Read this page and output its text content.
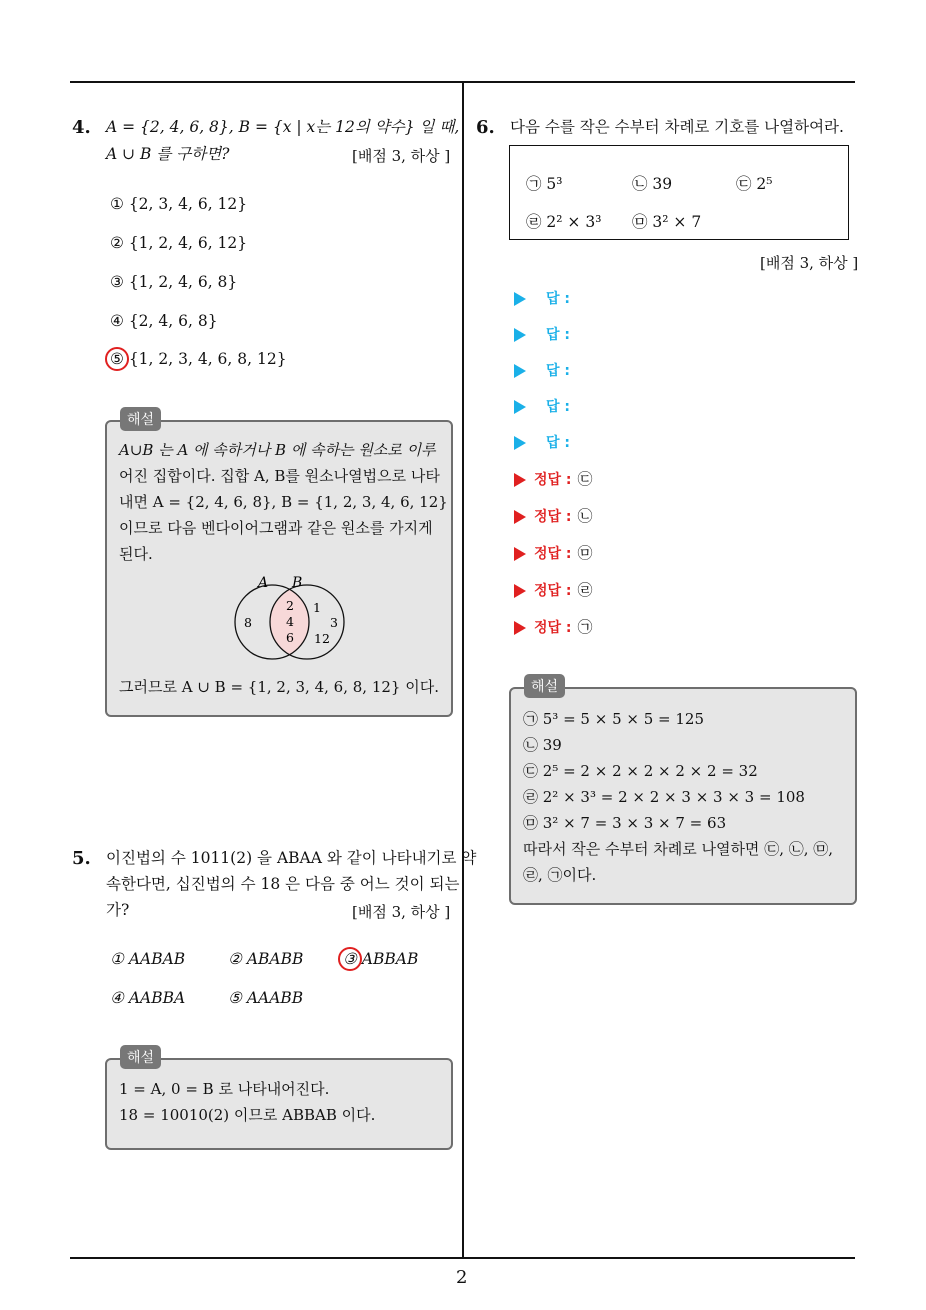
4. A = {2, 4, 6, 8}, B = {x | x는 12의 약수} 일 때,
A ∪ B 를 구하면?	[배점 3, 하상 ]
① {2, 3, 4, 6, 12}
② {1, 2, 4, 6, 12}
③ {1, 2, 4, 6, 8}
④ {2, 4, 6, 8}
⑤ {1, 2, 3, 4, 6, 8, 12}
A∪B 는 A 에 속하거나 B 에 속하는 원소로 이루
어진 집합이다. 집합 A, B를 원소나열법으로 나타
내면 A = {2, 4, 6, 8}, B = {1, 2, 3, 4, 6, 12}
이므로 다음 벤다이어그램과 같은 원소를 가지게
된다.
A B
8
2
4
6
1
3
12
그러므로 A ∪ B = {1, 2, 3, 4, 6, 8, 12} 이다.
해설
5. 이진법의 수 1011(2) 을 ABAA 와 같이 나타내기로 약
속한다면, 십진법의 수 18 은 다음 중 어느 것이 되는
가?	[배점 3, 하상 ]
① AABAB	② ABABB	③ ABBAB
④ AABBA	⑤ AAABB
1 = A, 0 = B 로 나타내어진다.
18 = 10010(2) 이므로 ABBAB 이다.
해설
6. 다음 수를 작은 수부터 차례로 기호를 나열하여라.
㉠ 5³	㉡ 39	㉢ 2⁵
㉣ 2² × 3³ ㉤ 3² × 7
[배점 3, 하상 ]
답 :
답 :
답 :
답 :
답 :
정답 : ㉢
정답 : ㉡
정답 : ㉤
정답 : ㉣
정답 : ㉠
㉠ 5³ = 5 × 5 × 5 = 125
㉡ 39
㉢ 2⁵ = 2 × 2 × 2 × 2 × 2 = 32
㉣ 2² × 3³ = 2 × 2 × 3 × 3 × 3 = 108
㉤ 3² × 7 = 3 × 3 × 7 = 63
따라서 작은 수부터 차례로 나열하면 ㉢, ㉡, ㉤,
㉣, ㉠이다.
해설
2
